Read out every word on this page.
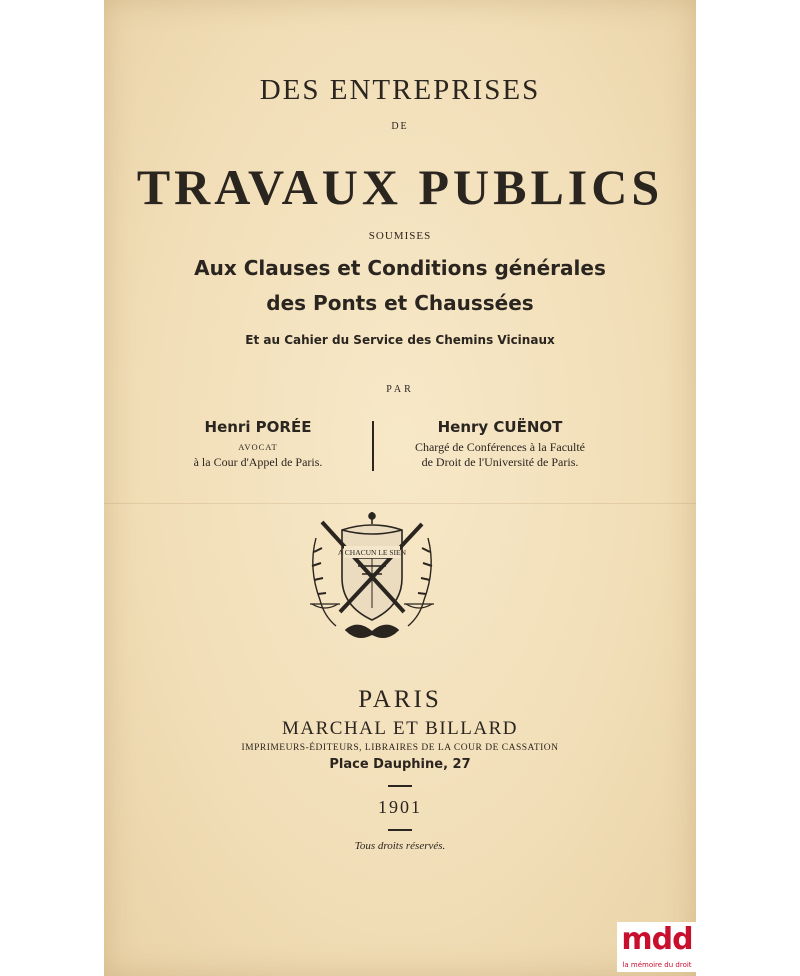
DES ENTREPRISES
DE
TRAVAUX PUBLICS
SOUMISES
Aux Clauses et Conditions générales
des Ponts et Chaussées
Et au Cahier du Service des Chemins Vicinaux
PAR
Henri PORÉE
AVOCAT
à la Cour d'Appel de Paris.
Henry CUËNOT
Chargé de Conférences à la Faculté
de Droit de l'Université de Paris.
A CHACUN LE SIEN
PARIS
MARCHAL ET BILLARD
IMPRIMEURS-ÉDITEURS, LIBRAIRES DE LA COUR DE CASSATION
Place Dauphine, 27
1901
Tous droits réservés.
mdd
la mémoire du droit
